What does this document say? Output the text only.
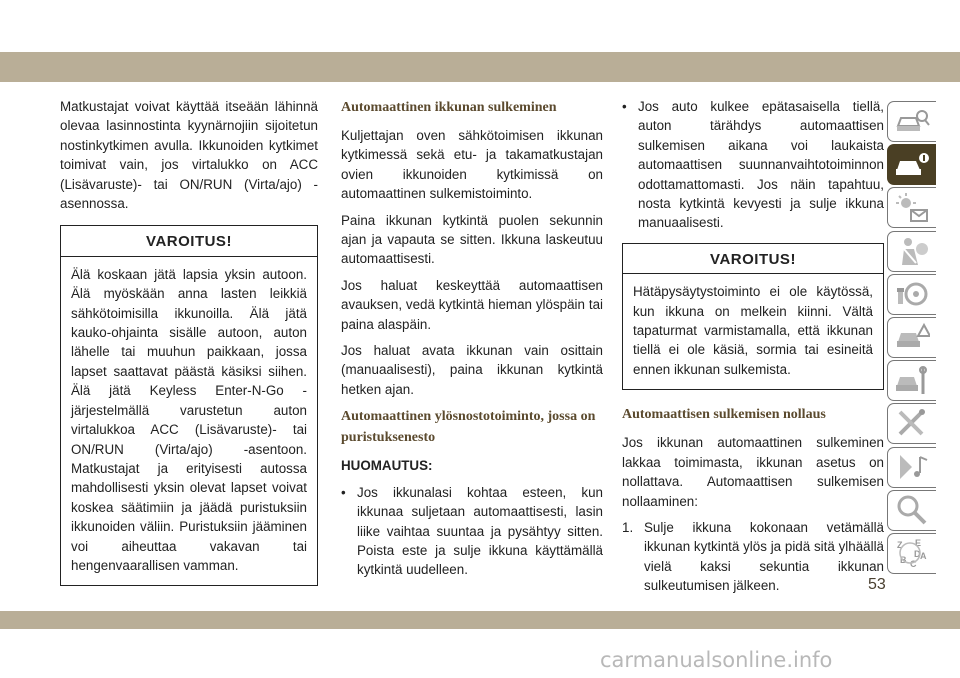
Matkustajat voivat käyttää itseään lähinnä olevaa lasinnostinta kyynärnojiin sijoitetun nostinkytkimen avulla. Ikkunoiden kytkimet toimivat vain, jos virtalukko on ACC (Lisävaruste)- tai ON/RUN (Virta/ajo) -asennossa.

VAROITUS!
Älä koskaan jätä lapsia yksin autoon. Älä myöskään anna lasten leikkiä sähkötoimisilla ikkunoilla. Älä jätä kauko-ohjainta sisälle autoon, auton lähelle tai muuhun paikkaan, jossa lapset saattavat päästä käsiksi siihen. Älä jätä Keyless Enter-N-Go -järjestelmällä varustetun auton virtalukkoa ACC (Lisävaruste)- tai ON/RUN (Virta/ajo) -asentoon. Matkustajat ja erityisesti autossa mahdollisesti yksin olevat lapset voivat koskea säätimiin ja jäädä puristuksiin ikkunoiden väliin. Puristuksiin jääminen voi aiheuttaa vakavan tai hengenvaarallisen vamman.
Automaattinen ikkunan sulkeminen

Kuljettajan oven sähkötoimisen ikkunan kytkimessä sekä etu- ja takamatkustajan ovien ikkunoiden kytkimissä on automaattinen sulkemistoiminto.

Paina ikkunan kytkintä puolen sekunnin ajan ja vapauta se sitten. Ikkuna laskeutuu automaattisesti.

Jos haluat keskeyttää automaattisen avauksen, vedä kytkintä hieman ylöspäin tai paina alaspäin.

Jos haluat avata ikkunan vain osittain (manuaalisesti), paina ikkunan kytkintä hetken ajan.

Automaattinen ylösnostotoiminto, jossa on puristuksenesto
HUOMAUTUS:
• Jos ikkunalasi kohtaa esteen, kun ikkunaa suljetaan automaattisesti, lasin liike vaihtaa suuntaa ja pysähtyy sitten. Poista este ja sulje ikkuna käyttämällä kytkintä uudelleen.
• Jos auto kulkee epätasaisella tiellä, auton tärähdys automaattisen sulkemisen aikana voi laukaista automaattisen suunnanvaihtotoiminnon odottamattomasti. Jos näin tapahtuu, nosta kytkintä kevyesti ja sulje ikkuna manuaalisesti.
VAROITUS!
Hätäpysäytystoiminto ei ole käytössä, kun ikkuna on melkein kiinni. Vältä tapaturmat varmistamalla, että ikkunan tiellä ei ole käsiä, sormia tai esineitä ennen ikkunan sulkemista.
Automaattisen sulkemisen nollaus

Jos ikkunan automaattinen sulkeminen lakkaa toimimasta, ikkunan asetus on nollattava. Automaattisen sulkemisen nollaaminen:

1. Sulje ikkuna kokonaan vetämällä ikkunan kytkintä ylös ja pidä sitä ylhäällä vielä kaksi sekuntia ikkunan sulkeutumisen jälkeen.
Z E
B C
A
D
53
carmanualsonline.info
